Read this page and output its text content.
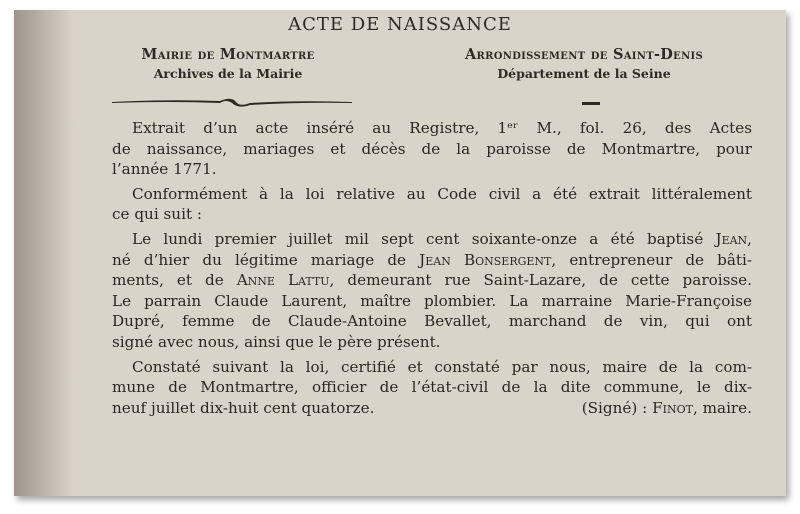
ACTE DE NAISSANCE
Mairie de Montmartre
Archives de la Mairie
Arrondissement de Saint-Denis
Département de la Seine

Extrait d’un acte inséré au Registre, 1ᵉʳ M., fol. 26, des Actes
de naissance, mariages et décès de la paroisse de Montmartre, pour
l’année 1771.

Conformément à la loi relative au Code civil a été extrait littéralement
ce qui suit :

Le lundi premier juillet mil sept cent soixante-onze a été baptisé Jean,
né d’hier du légitime mariage de Jean Bonsergent, entrepreneur de bâti-
ments, et de Anne Lattu, demeurant rue Saint-Lazare, de cette paroisse.
Le parrain Claude Laurent, maître plombier. La marraine Marie-Françoise
Dupré, femme de Claude-Antoine Bevallet, marchand de vin, qui ont
signé avec nous, ainsi que le père présent.

Constaté suivant la loi, certifié et constaté par nous, maire de la com-
mune de Montmartre, officier de l’état-civil de la dite commune, le dix-
neuf juillet dix-huit cent quatorze.	(Signé) : Finot, maire.
